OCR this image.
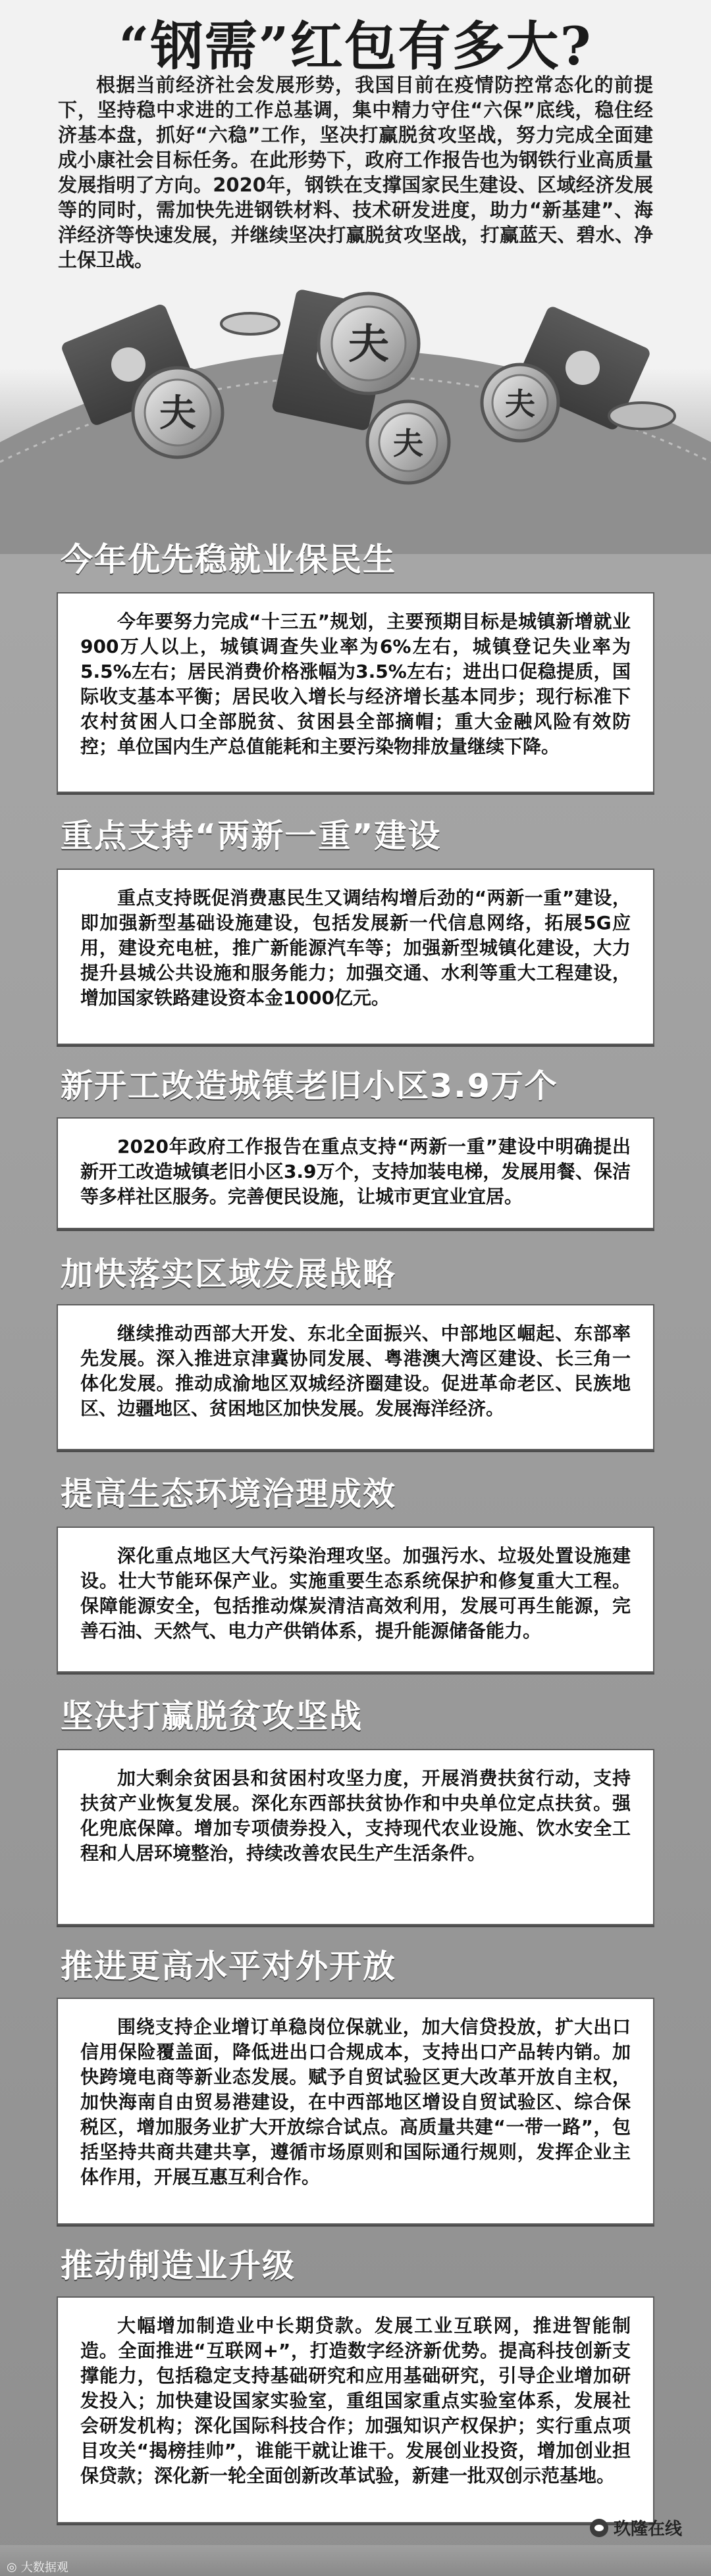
“钢需”红包有多大?
根据当前经济社会发展形势，我国目前在疫情防控常态化的前提下，坚持稳中求进的工作总基调，集中精力守住“六保”底线，稳住经济基本盘，抓好“六稳”工作，坚决打赢脱贫攻坚战，努力完成全面建成小康社会目标任务。在此形势下，政府工作报告也为钢铁行业高质量发展指明了方向。2020年，钢铁在支撑国家民生建设、区域经济发展等的同时，需加快先进钢铁材料、技术研发进度，助力“新基建”、海洋经济等快速发展，并继续坚决打赢脱贫攻坚战，打赢蓝天、碧水、净土保卫战。
夫
夫
夫
夫
今年优先稳就业保民生
今年要努力完成“十三五”规划，主要预期目标是城镇新增就业900万人以上，城镇调查失业率为6%左右，城镇登记失业率为5.5%左右；居民消费价格涨幅为3.5%左右；进出口促稳提质，国际收支基本平衡；居民收入增长与经济增长基本同步；现行标准下农村贫困人口全部脱贫、贫困县全部摘帽；重大金融风险有效防控；单位国内生产总值能耗和主要污染物排放量继续下降。
重点支持“两新一重”建设
重点支持既促消费惠民生又调结构增后劲的“两新一重”建设，即加强新型基础设施建设，包括发展新一代信息网络，拓展5G应用，建设充电桩，推广新能源汽车等；加强新型城镇化建设，大力提升县城公共设施和服务能力；加强交通、水利等重大工程建设，增加国家铁路建设资本金1000亿元。
新开工改造城镇老旧小区3.9万个
2020年政府工作报告在重点支持“两新一重”建设中明确提出新开工改造城镇老旧小区3.9万个，支持加装电梯，发展用餐、保洁等多样社区服务。完善便民设施，让城市更宜业宜居。
加快落实区域发展战略
继续推动西部大开发、东北全面振兴、中部地区崛起、东部率先发展。深入推进京津冀协同发展、粤港澳大湾区建设、长三角一体化发展。推动成渝地区双城经济圈建设。促进革命老区、民族地区、边疆地区、贫困地区加快发展。发展海洋经济。
提高生态环境治理成效
深化重点地区大气污染治理攻坚。加强污水、垃圾处置设施建设。壮大节能环保产业。实施重要生态系统保护和修复重大工程。保障能源安全，包括推动煤炭清洁高效利用，发展可再生能源，完善石油、天然气、电力产供销体系，提升能源储备能力。
坚决打赢脱贫攻坚战
加大剩余贫困县和贫困村攻坚力度，开展消费扶贫行动，支持扶贫产业恢复发展。深化东西部扶贫协作和中央单位定点扶贫。强化兜底保障。增加专项债券投入，支持现代农业设施、饮水安全工程和人居环境整治，持续改善农民生产生活条件。
推进更高水平对外开放
围绕支持企业增订单稳岗位保就业，加大信贷投放，扩大出口信用保险覆盖面，降低进出口合规成本，支持出口产品转内销。加快跨境电商等新业态发展。赋予自贸试验区更大改革开放自主权，加快海南自由贸易港建设，在中西部地区增设自贸试验区、综合保税区，增加服务业扩大开放综合试点。高质量共建“一带一路”，包括坚持共商共建共享，遵循市场原则和国际通行规则，发挥企业主体作用，开展互惠互利合作。
推动制造业升级
大幅增加制造业中长期贷款。发展工业互联网，推进智能制造。全面推进“互联网+”，打造数字经济新优势。提高科技创新支撑能力，包括稳定支持基础研究和应用基础研究，引导企业增加研发投入；加快建设国家实验室，重组国家重点实验室体系，发展社会研发机构；深化国际科技合作；加强知识产权保护；实行重点项目攻关“揭榜挂帅”，谁能干就让谁干。发展创业投资，增加创业担保贷款；深化新一轮全面创新改革试验，新建一批双创示范基地。
玖隆在线
◎ 大数据观
